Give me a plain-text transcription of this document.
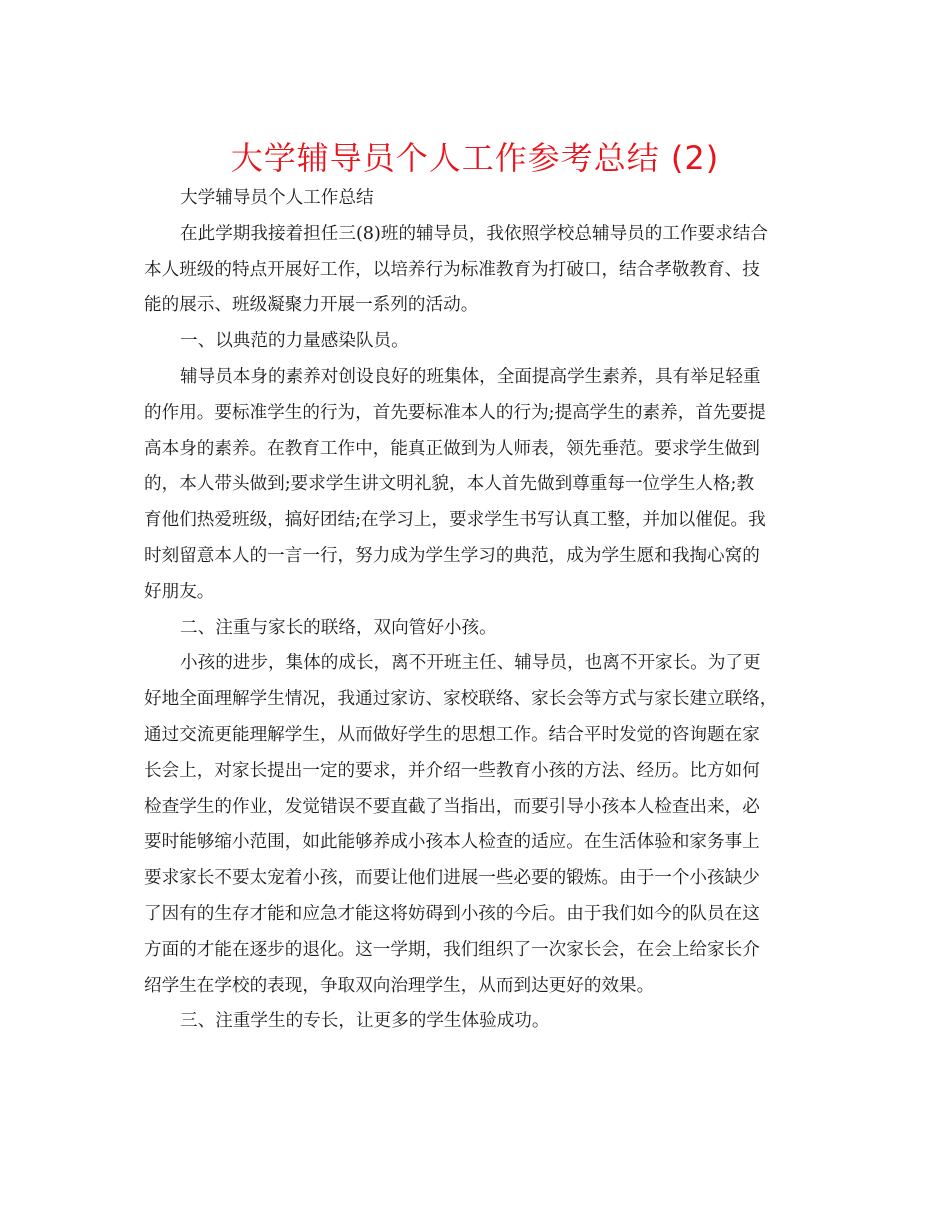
大学辅导员个人工作参考总结 (2)
大学辅导员个人工作总结
在此学期我接着担任三(8)班的辅导员，我依照学校总辅导员的工作要求结合
本人班级的特点开展好工作，以培养行为标准教育为打破口，结合孝敬教育、技
能的展示、班级凝聚力开展一系列的活动。
一、以典范的力量感染队员。
辅导员本身的素养对创设良好的班集体，全面提高学生素养，具有举足轻重
的作用。要标准学生的行为，首先要标准本人的行为;提高学生的素养，首先要提
高本身的素养。在教育工作中，能真正做到为人师表，领先垂范。要求学生做到
的，本人带头做到;要求学生讲文明礼貌，本人首先做到尊重每一位学生人格;教
育他们热爱班级，搞好团结;在学习上，要求学生书写认真工整，并加以催促。我
时刻留意本人的一言一行，努力成为学生学习的典范，成为学生愿和我掏心窝的
好朋友。
二、注重与家长的联络，双向管好小孩。
小孩的进步，集体的成长，离不开班主任、辅导员，也离不开家长。为了更
好地全面理解学生情况，我通过家访、家校联络、家长会等方式与家长建立联络，
通过交流更能理解学生，从而做好学生的思想工作。结合平时发觉的咨询题在家
长会上，对家长提出一定的要求，并介绍一些教育小孩的方法、经历。比方如何
检查学生的作业，发觉错误不要直截了当指出，而要引导小孩本人检查出来，必
要时能够缩小范围，如此能够养成小孩本人检查的适应。在生活体验和家务事上
要求家长不要太宠着小孩，而要让他们进展一些必要的锻炼。由于一个小孩缺少
了因有的生存才能和应急才能这将妨碍到小孩的今后。由于我们如今的队员在这
方面的才能在逐步的退化。这一学期，我们组织了一次家长会，在会上给家长介
绍学生在学校的表现，争取双向治理学生，从而到达更好的效果。
三、注重学生的专长，让更多的学生体验成功。
